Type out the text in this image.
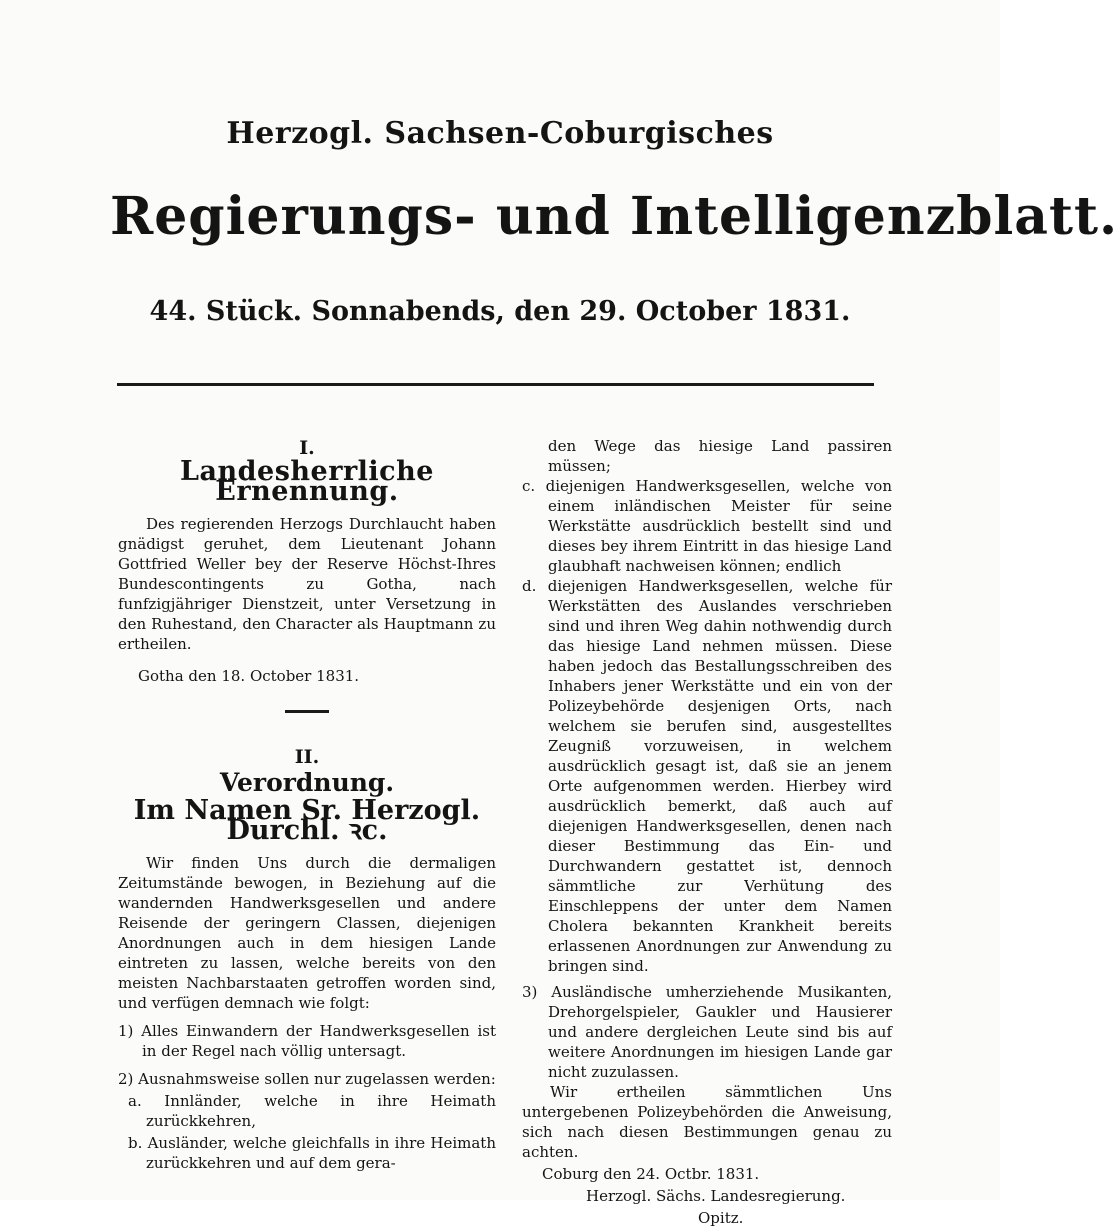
Herzogl. Sachsen-Coburgisches
Regierungs- und Intelligenzblatt.
44. Stück. Sonnabends, den 29. October 1831.
I.
Landesherrliche Ernennung.

Des regierenden Herzogs Durchlaucht haben gnädigst geruhet, dem Lieutenant Johann Gottfried Weller bey der Reserve Höchst-Ihres Bundescontingents zu Gotha, nach funfzigjähriger Dienstzeit, unter Versetzung in den Ruhestand, den Character als Hauptmann zu ertheilen.

Gotha den 18. October 1831.

II.
Verordnung.
Im Namen Sr. Herzogl. Durchl. ꝛc.

Wir finden Uns durch die dermaligen Zeitumstände bewogen, in Beziehung auf die wandernden Handwerksgesellen und andere Reisende der geringern Classen, diejenigen Anordnungen auch in dem hiesigen Lande eintreten zu lassen, welche bereits von den meisten Nachbarstaaten getroffen worden sind, und verfügen demnach wie folgt:

1) Alles Einwandern der Handwerksgesellen ist in der Regel nach völlig untersagt.

2) Ausnahmsweise sollen nur zugelassen werden:

a. Innländer, welche in ihre Heimath zurückkehren,

b. Ausländer, welche gleichfalls in ihre Heimath zurückkehren und auf dem gera-

den Wege das hiesige Land passiren müssen;

c. diejenigen Handwerksgesellen, welche von einem inländischen Meister für seine Werkstätte ausdrücklich bestellt sind und dieses bey ihrem Eintritt in das hiesige Land glaubhaft nachweisen können; endlich

d. diejenigen Handwerksgesellen, welche für Werkstätten des Auslandes verschrieben sind und ihren Weg dahin nothwendig durch das hiesige Land nehmen müssen. Diese haben jedoch das Bestallungsschreiben des Inhabers jener Werkstätte und ein von der Polizeybehörde desjenigen Orts, nach welchem sie berufen sind, ausgestelltes Zeugniß vorzuweisen, in welchem ausdrücklich gesagt ist, daß sie an jenem Orte aufgenommen werden. Hierbey wird ausdrücklich bemerkt, daß auch auf diejenigen Handwerksgesellen, denen nach dieser Bestimmung das Ein- und Durchwandern gestattet ist, dennoch sämmtliche zur Verhütung des Einschleppens der unter dem Namen Cholera bekannten Krankheit bereits erlassenen Anordnungen zur Anwendung zu bringen sind.

3) Ausländische umherziehende Musikanten, Drehorgelspieler, Gaukler und Hausierer und andere dergleichen Leute sind bis auf weitere Anordnungen im hiesigen Lande gar nicht zuzulassen.

Wir ertheilen sämmtlichen Uns untergebenen Polizeybehörden die Anweisung, sich nach diesen Bestimmungen genau zu achten.

Coburg den 24. Octbr. 1831.

Herzogl. Sächs. Landesregierung.

Opitz.
